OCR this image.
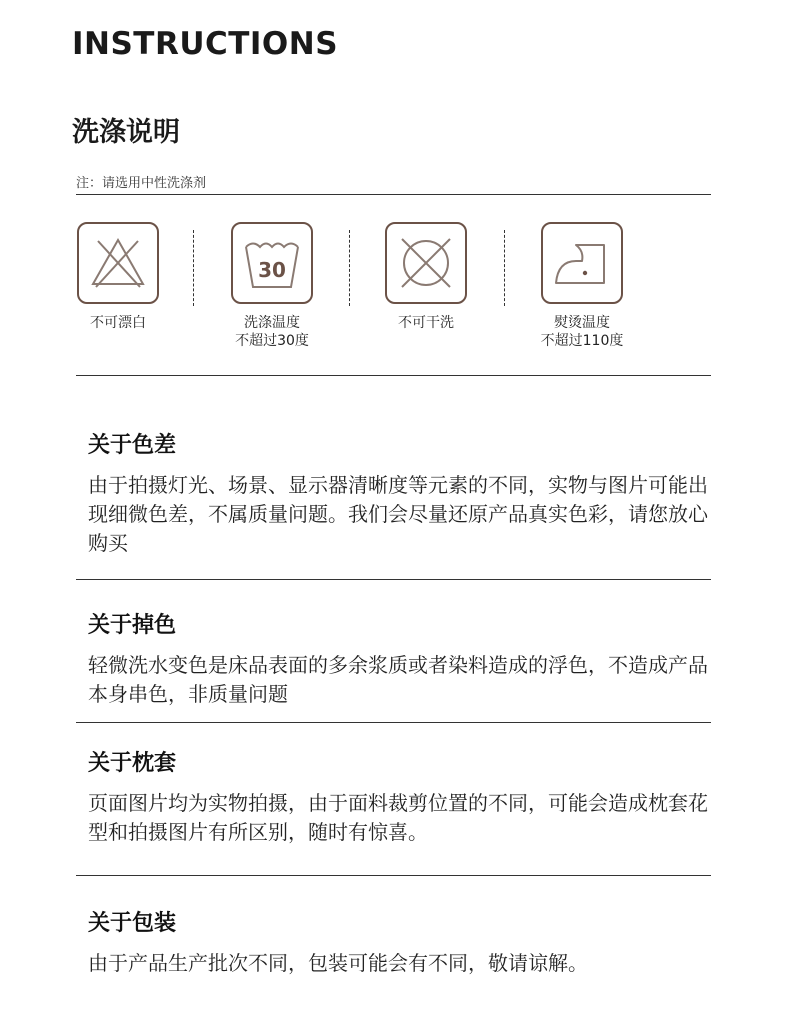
INSTRUCTIONS
洗涤说明
注：请选用中性洗涤剂
不可漂白
30
洗涤温度
不超过30度
不可干洗	熨烫温度
不超过110度
关于色差

由于拍摄灯光、场景、显示器清晰度等元素的不同，实物与图片可能出现细微色差，不属质量问题。我们会尽量还原产品真实色彩，请您放心购买

关于掉色

轻微洗水变色是床品表面的多余浆质或者染料造成的浮色，不造成产品本身串色，非质量问题

关于枕套

页面图片均为实物拍摄，由于面料裁剪位置的不同，可能会造成枕套花型和拍摄图片有所区别，随时有惊喜。

关于包装

由于产品生产批次不同，包装可能会有不同，敬请谅解。
